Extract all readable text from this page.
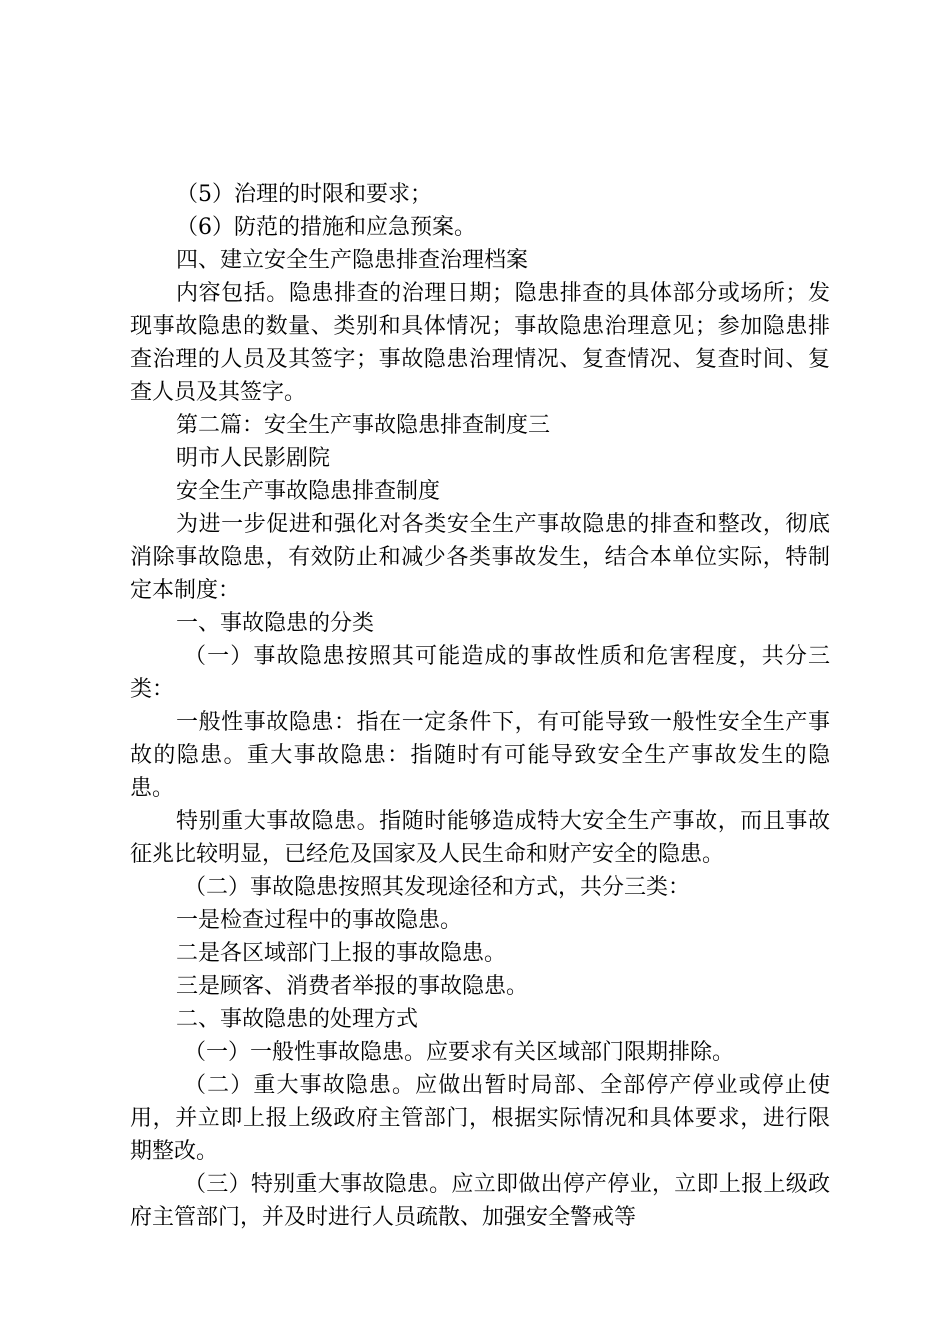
（5）治理的时限和要求；

（6）防范的措施和应急预案。

四、建立安全生产隐患排查治理档案

内容包括。隐患排查的治理日期；隐患排查的具体部分或场所；发现事故隐患的数量、类别和具体情况；事故隐患治理意见；参加隐患排查治理的人员及其签字；事故隐患治理情况、复查情况、复查时间、复查人员及其签字。

第二篇：安全生产事故隐患排查制度三

明市人民影剧院

安全生产事故隐患排查制度

为进一步促进和强化对各类安全生产事故隐患的排查和整改，彻底消除事故隐患，有效防止和减少各类事故发生，结合本单位实际，特制定本制度：

一、事故隐患的分类

（一）事故隐患按照其可能造成的事故性质和危害程度，共分三类：

一般性事故隐患：指在一定条件下，有可能导致一般性安全生产事故的隐患。重大事故隐患：指随时有可能导致安全生产事故发生的隐患。

特别重大事故隐患。指随时能够造成特大安全生产事故，而且事故征兆比较明显，已经危及国家及人民生命和财产安全的隐患。

（二）事故隐患按照其发现途径和方式，共分三类：

一是检查过程中的事故隐患。

二是各区域部门上报的事故隐患。

三是顾客、消费者举报的事故隐患。

二、事故隐患的处理方式

（一）一般性事故隐患。应要求有关区域部门限期排除。

（二）重大事故隐患。应做出暂时局部、全部停产停业或停止使用，并立即上报上级政府主管部门，根据实际情况和具体要求，进行限期整改。

（三）特别重大事故隐患。应立即做出停产停业，立即上报上级政府主管部门，并及时进行人员疏散、加强安全警戒等
